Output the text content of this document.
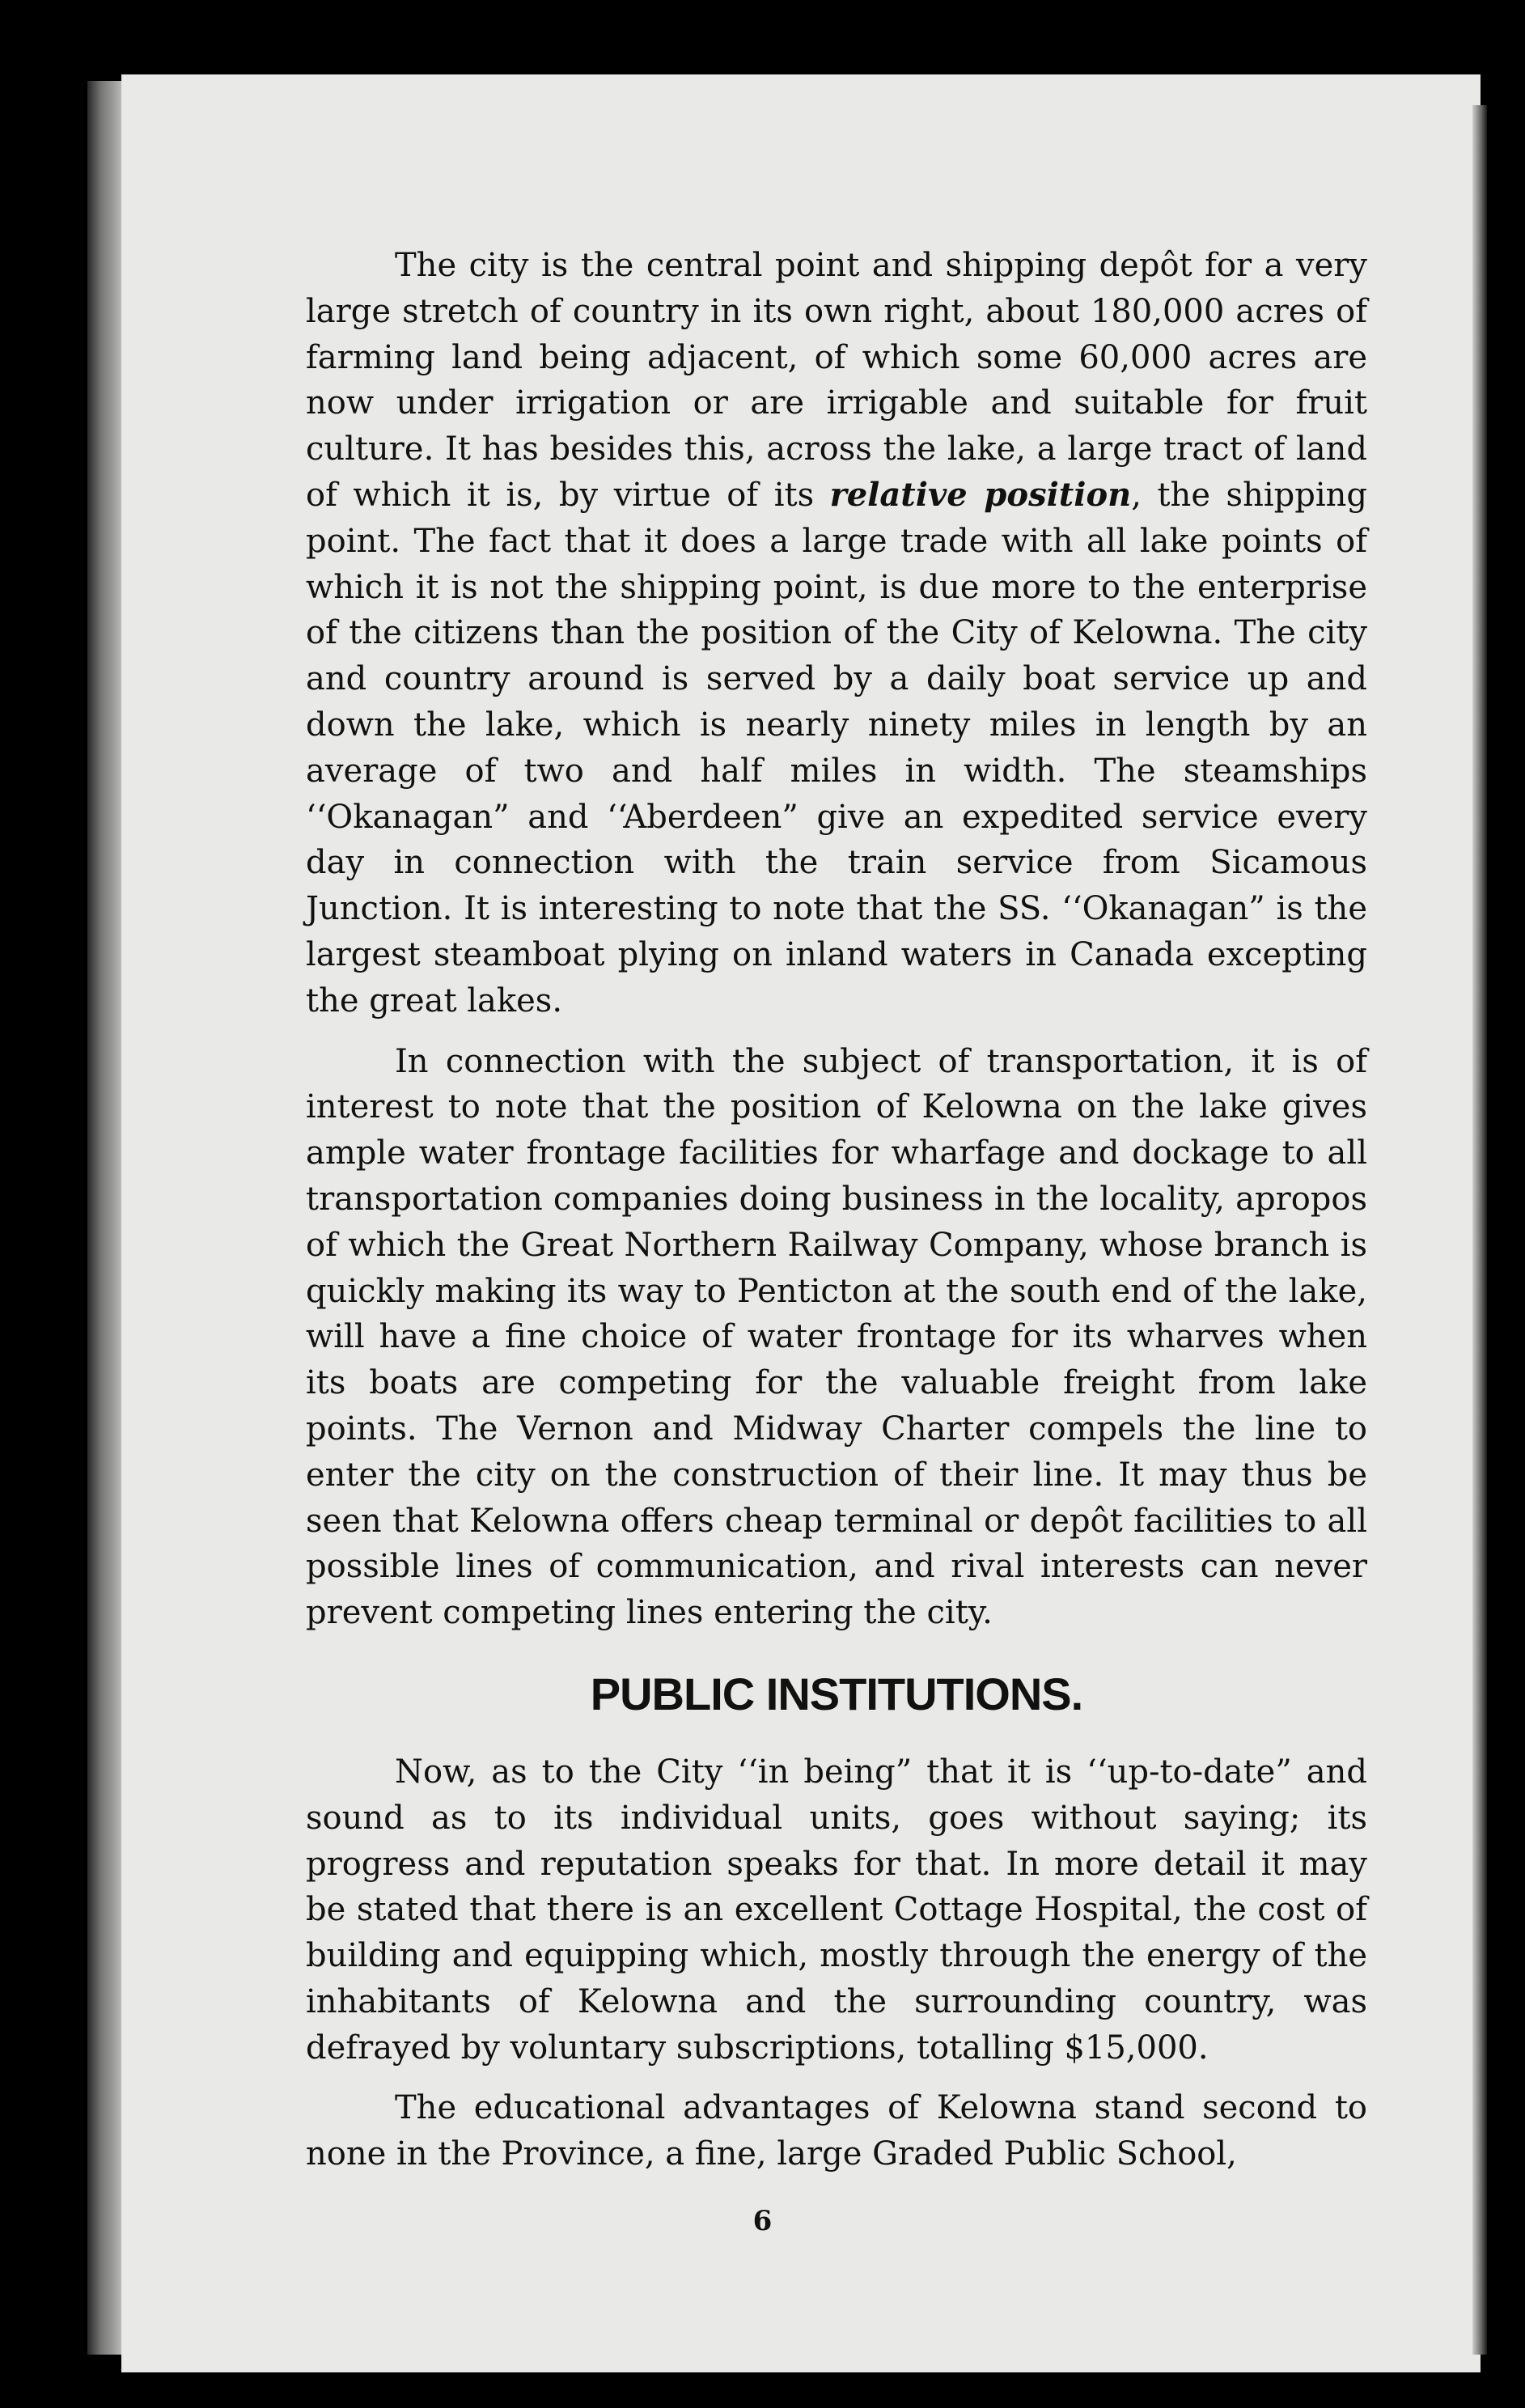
The city is the central point and shipping depôt for a very large stretch of country in its own right, about 180,000 acres of farming land being adjacent, of which some 60,000 acres are now under irrigation or are irrigable and suitable for fruit culture. It has besides this, across the lake, a large tract of land of which it is, by virtue of its relative position, the shipping point. The fact that it does a large trade with all lake points of which it is not the shipping point, is due more to the enterprise of the citizens than the position of the City of Kelowna. The city and country around is served by a daily boat service up and down the lake, which is nearly ninety miles in length by an average of two and half miles in width. The steamships ‘‘Okanagan” and ‘‘Aberdeen” give an expedited service every day in connection with the train service from Sicamous Junction. It is interesting to note that the SS. ‘‘Okanagan” is the largest steamboat plying on inland waters in Canada excepting the great lakes.

In connection with the subject of transportation, it is of interest to note that the position of Kelowna on the lake gives ample water frontage facilities for wharfage and dockage to all transportation companies doing business in the locality, apropos of which the Great Northern Railway Company, whose branch is quickly making its way to Penticton at the south end of the lake, will have a fine choice of water frontage for its wharves when its boats are competing for the valuable freight from lake points. The Vernon and Midway Charter compels the line to enter the city on the construction of their line. It may thus be seen that Kelowna offers cheap terminal or depôt facilities to all possible lines of communication, and rival interests can never prevent competing lines entering the city.

PUBLIC INSTITUTIONS.

Now, as to the City ‘‘in being” that it is ‘‘up-to-date” and sound as to its individual units, goes without saying; its progress and reputation speaks for that. In more detail it may be stated that there is an excellent Cottage Hospital, the cost of building and equipping which, mostly through the energy of the inhabitants of Kelowna and the surrounding country, was defrayed by voluntary subscriptions, totalling $15,000.

The educational advantages of Kelowna stand second to none in the Province, a fine, large Graded Public School,

6
